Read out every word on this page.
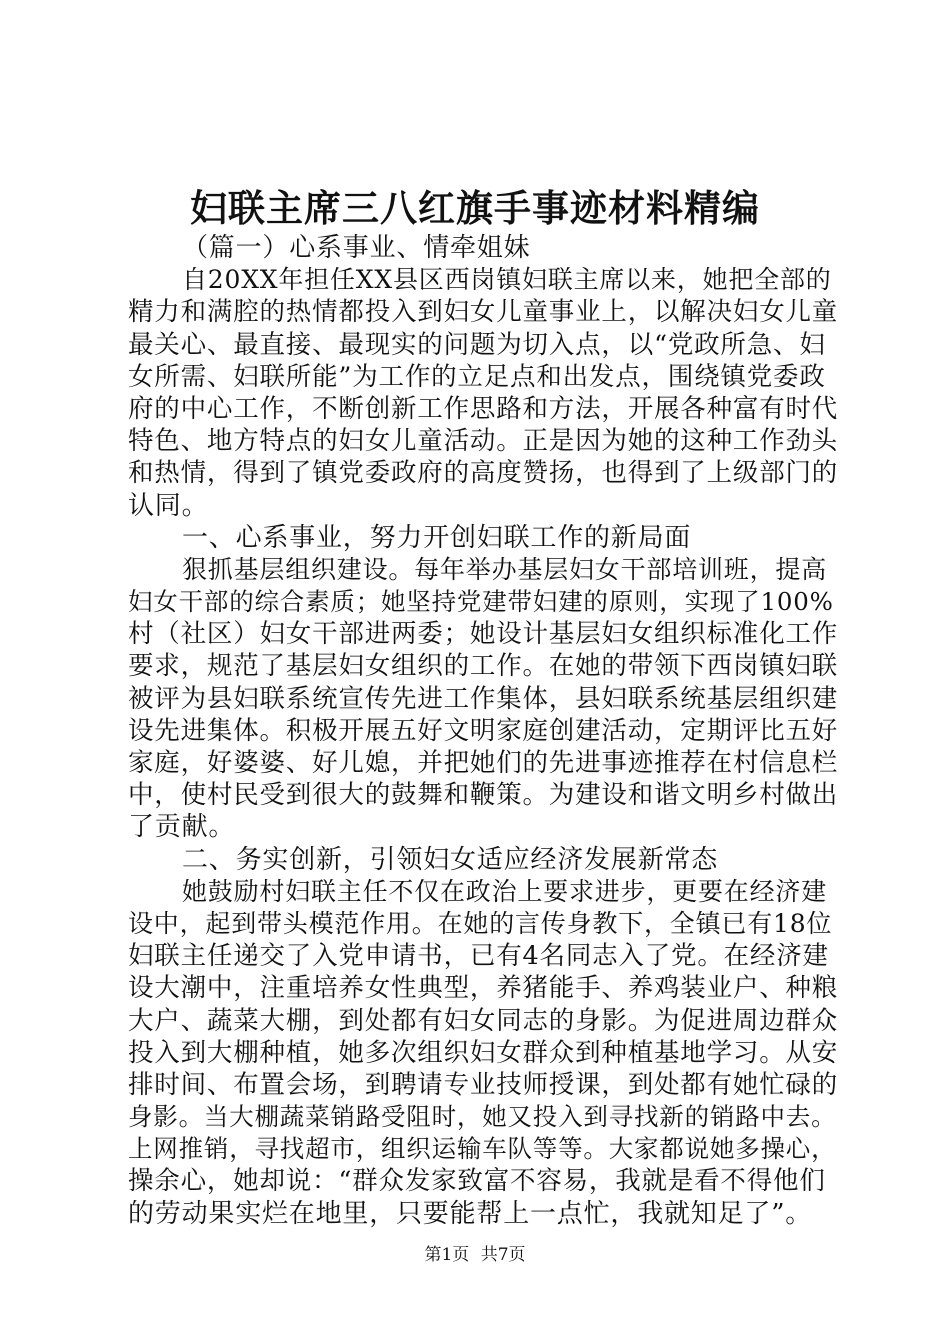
妇联主席三八红旗手事迹材料精编
（篇一）心系事业、情牵姐妹
自20XX年担任XX县区西岗镇妇联主席以来，她把全部的
精力和满腔的热情都投入到妇女儿童事业上，以解决妇女儿童
最关心、最直接、最现实的问题为切入点，以“党政所急、妇
女所需、妇联所能”为工作的立足点和出发点，围绕镇党委政
府的中心工作，不断创新工作思路和方法，开展各种富有时代
特色、地方特点的妇女儿童活动。正是因为她的这种工作劲头
和热情，得到了镇党委政府的高度赞扬，也得到了上级部门的
认同。
一、心系事业，努力开创妇联工作的新局面
狠抓基层组织建设。每年举办基层妇女干部培训班，提高
妇女干部的综合素质；她坚持党建带妇建的原则，实现了100%
村（社区）妇女干部进两委；她设计基层妇女组织标准化工作
要求，规范了基层妇女组织的工作。在她的带领下西岗镇妇联
被评为县妇联系统宣传先进工作集体，县妇联系统基层组织建
设先进集体。积极开展五好文明家庭创建活动，定期评比五好
家庭，好婆婆、好儿媳，并把她们的先进事迹推荐在村信息栏
中，使村民受到很大的鼓舞和鞭策。为建设和谐文明乡村做出
了贡献。
二、务实创新，引领妇女适应经济发展新常态
她鼓励村妇联主任不仅在政治上要求进步，更要在经济建
设中，起到带头模范作用。在她的言传身教下，全镇已有18位
妇联主任递交了入党申请书，已有4名同志入了党。在经济建
设大潮中，注重培养女性典型，养猪能手、养鸡装业户、种粮
大户、蔬菜大棚，到处都有妇女同志的身影。为促进周边群众
投入到大棚种植，她多次组织妇女群众到种植基地学习。从安
排时间、布置会场，到聘请专业技师授课，到处都有她忙碌的
身影。当大棚蔬菜销路受阻时，她又投入到寻找新的销路中去。
上网推销，寻找超市，组织运输车队等等。大家都说她多操心，
操余心，她却说：“群众发家致富不容易，我就是看不得他们
的劳动果实烂在地里，只要能帮上一点忙，我就知足了”。
第1页 共7页
